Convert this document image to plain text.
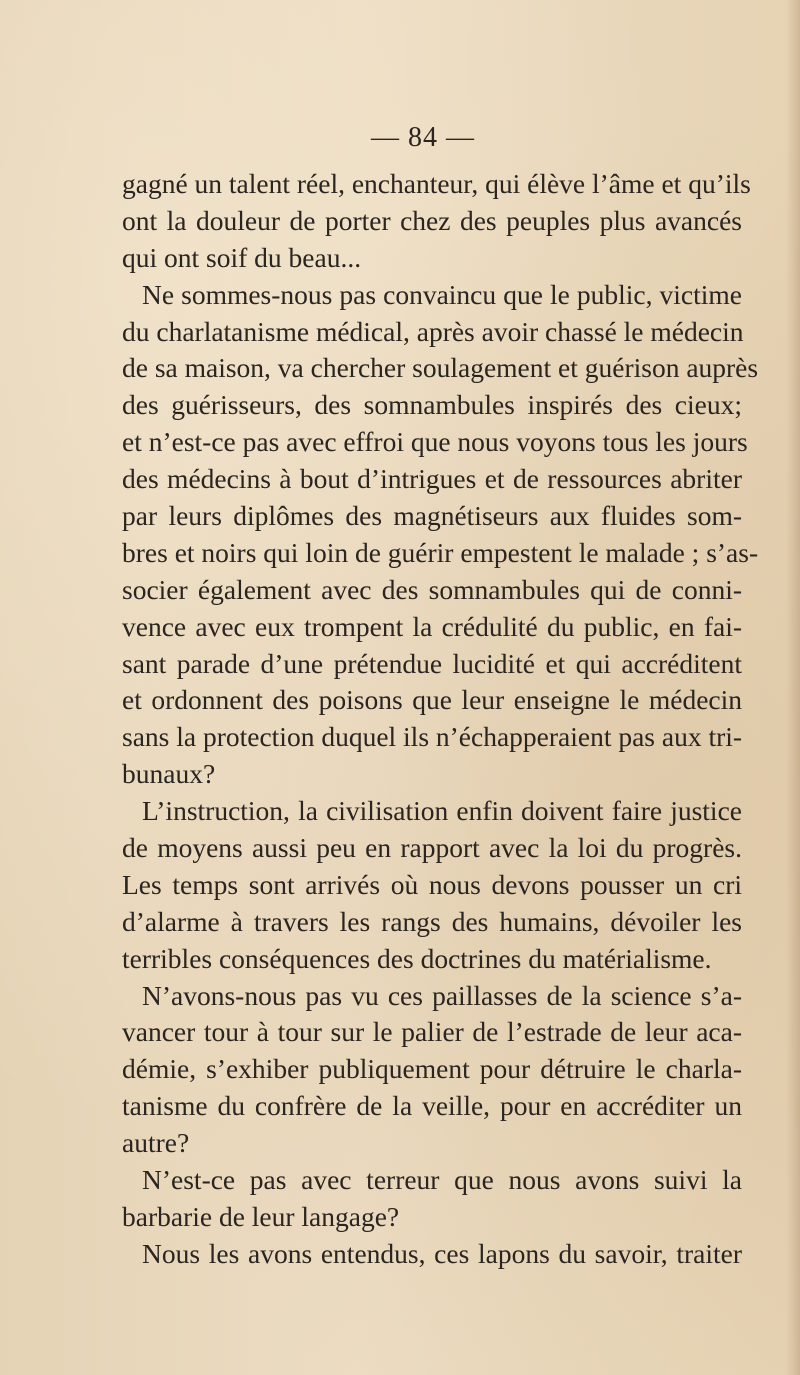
— 84 —
gagné un talent réel, enchanteur, qui élève l’âme et qu’ils
ont la douleur de porter chez des peuples plus avancés
qui ont soif du beau...
Ne sommes-nous pas convaincu que le public, victime
du charlatanisme médical, après avoir chassé le médecin
de sa maison, va chercher soulagement et guérison auprès
des guérisseurs, des somnambules inspirés des cieux;
et n’est-ce pas avec effroi que nous voyons tous les jours
des médecins à bout d’intrigues et de ressources abriter
par leurs diplômes des magnétiseurs aux fluides som-
bres et noirs qui loin de guérir empestent le malade ; s’as-
socier également avec des somnambules qui de conni-
vence avec eux trompent la crédulité du public, en fai-
sant parade d’une prétendue lucidité et qui accréditent
et ordonnent des poisons que leur enseigne le médecin
sans la protection duquel ils n’échapperaient pas aux tri-
bunaux?
L’instruction, la civilisation enfin doivent faire justice
de moyens aussi peu en rapport avec la loi du progrès.
Les temps sont arrivés où nous devons pousser un cri
d’alarme à travers les rangs des humains, dévoiler les
terribles conséquences des doctrines du matérialisme.
N’avons-nous pas vu ces paillasses de la science s’a-
vancer tour à tour sur le palier de l’estrade de leur aca-
démie, s’exhiber publiquement pour détruire le charla-
tanisme du confrère de la veille, pour en accréditer un
autre?
N’est-ce pas avec terreur que nous avons suivi la
barbarie de leur langage?
Nous les avons entendus, ces lapons du savoir, traiter
